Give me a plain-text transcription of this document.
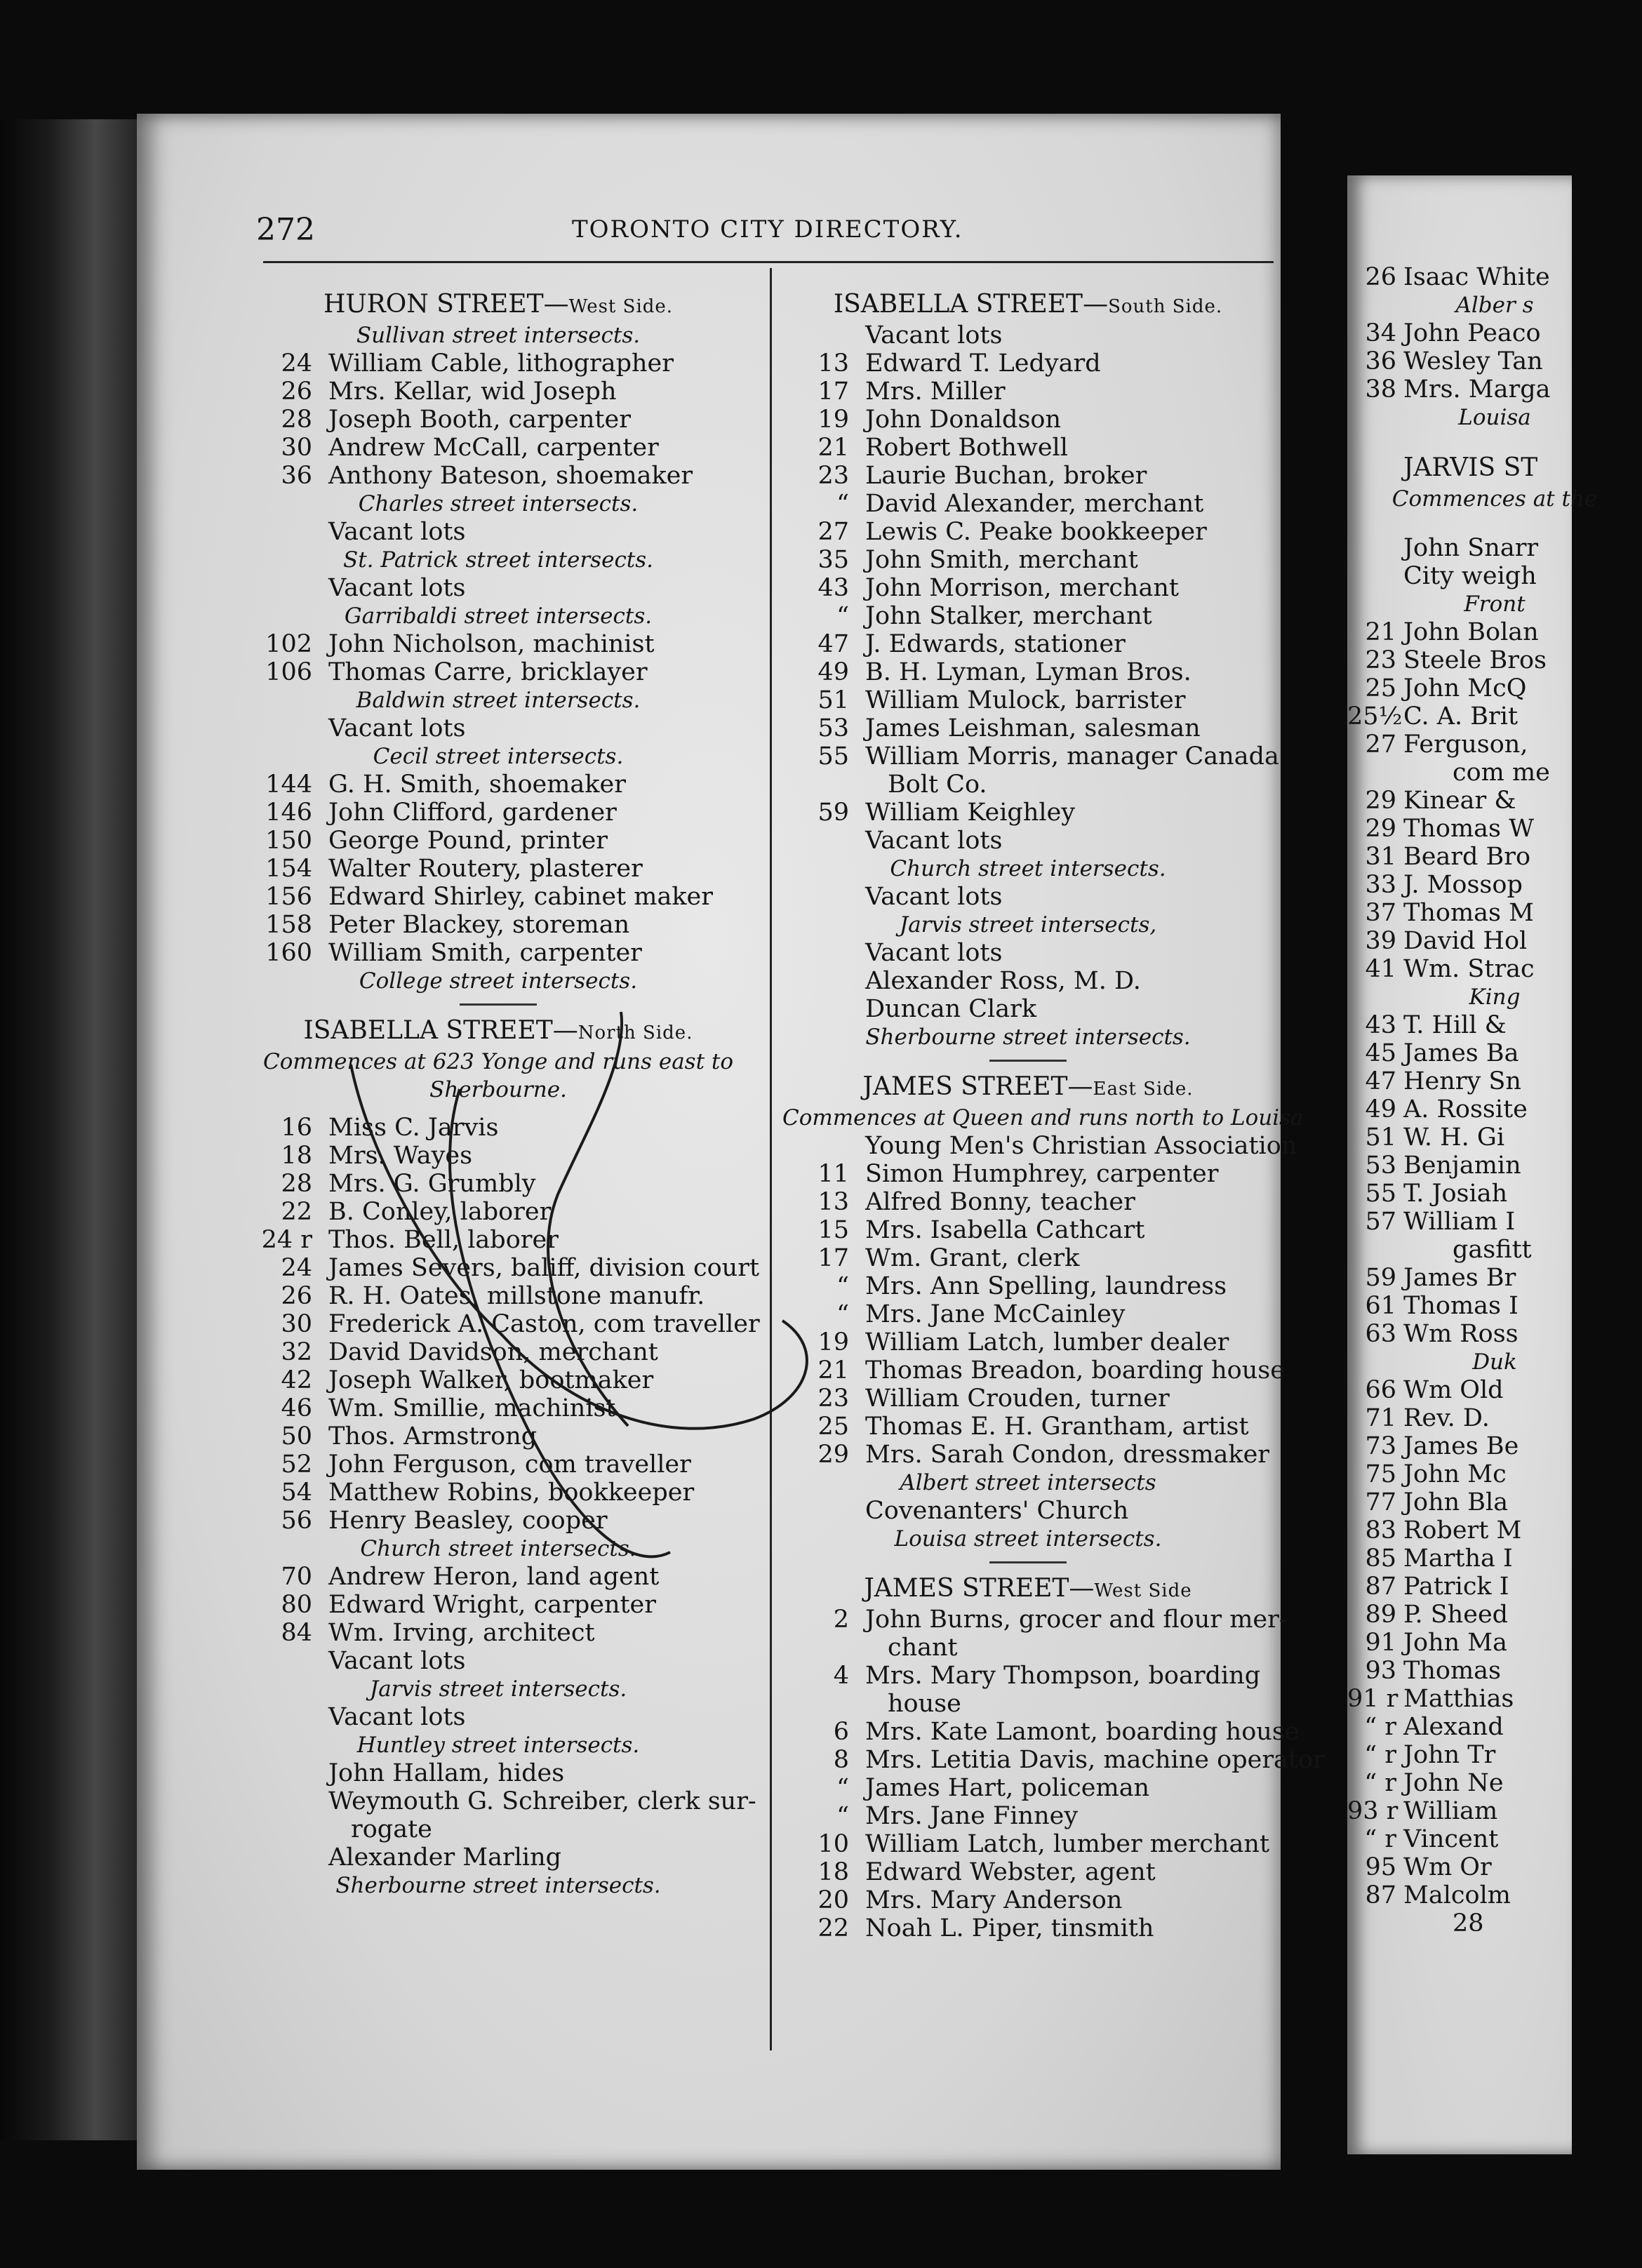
272	TORONTO CITY DIRECTORY.
HURON STREET—West Side.
Sullivan street intersects.
24 William Cable, lithographer
26 Mrs. Kellar, wid Joseph
28 Joseph Booth, carpenter
30 Andrew McCall, carpenter
36 Anthony Bateson, shoemaker
Charles street intersects.
Vacant lots
St. Patrick street intersects.
Vacant lots
Garribaldi street intersects.
102 John Nicholson, machinist
106 Thomas Carre, bricklayer
Baldwin street intersects.
Vacant lots
Cecil street intersects.
144 G. H. Smith, shoemaker
146 John Clifford, gardener
150 George Pound, printer
154 Walter Routery, plasterer
156 Edward Shirley, cabinet maker
158 Peter Blackey, storeman
160 William Smith, carpenter
College street intersects.
ISABELLA STREET—North Side.
Commences at 623 Yonge and runs east to Sherbourne.
16 Miss C. Jarvis
18 Mrs. Wayes
28 Mrs. G. Grumbly
22 B. Conley, laborer
24 r Thos. Bell, laborer
24 James Severs, baliff, division court
26 R. H. Oates, millstone manufr.
30 Frederick A. Caston, com traveller
32 David Davidson, merchant
42 Joseph Walker, bootmaker
46 Wm. Smillie, machinist
50 Thos. Armstrong
52 John Ferguson, com traveller
54 Matthew Robins, bookkeeper
56 Henry Beasley, cooper
Church street intersects.
70 Andrew Heron, land agent
80 Edward Wright, carpenter
84 Wm. Irving, architect
Vacant lots
Jarvis street intersects.
Vacant lots
Huntley street intersects.
John Hallam, hides
Weymouth G. Schreiber, clerk sur-
rogate
Alexander Marling
Sherbourne street intersects.
ISABELLA STREET—South Side.
Vacant lots
13 Edward T. Ledyard
17 Mrs. Miller
19 John Donaldson
21 Robert Bothwell
23 Laurie Buchan, broker
“ David Alexander, merchant
27 Lewis C. Peake bookkeeper
35 John Smith, merchant
43 John Morrison, merchant
“ John Stalker, merchant
47 J. Edwards, stationer
49 B. H. Lyman, Lyman Bros.
51 William Mulock, barrister
53 James Leishman, salesman
55 William Morris, manager Canada
Bolt Co.
59 William Keighley
Vacant lots
Church street intersects.
Vacant lots
Jarvis street intersects,
Vacant lots
Alexander Ross, M. D.
Duncan Clark
Sherbourne street intersects.
JAMES STREET—East Side.
Commences at Queen and runs north to Louisa
Young Men's Christian Association
11 Simon Humphrey, carpenter
13 Alfred Bonny, teacher
15 Mrs. Isabella Cathcart
17 Wm. Grant, clerk
“ Mrs. Ann Spelling, laundress
“ Mrs. Jane McCainley
19 William Latch, lumber dealer
21 Thomas Breadon, boarding house
23 William Crouden, turner
25 Thomas E. H. Grantham, artist
29 Mrs. Sarah Condon, dressmaker
Albert street intersects
Covenanters' Church
Louisa street intersects.
JAMES STREET—West Side
2 John Burns, grocer and flour mer-
chant
4 Mrs. Mary Thompson, boarding
house
6 Mrs. Kate Lamont, boarding house
8 Mrs. Letitia Davis, machine operator
“ James Hart, policeman
“ Mrs. Jane Finney
10 William Latch, lumber merchant
18 Edward Webster, agent
20 Mrs. Mary Anderson
22 Noah L. Piper, tinsmith
26 Isaac White
Alber s
34 John Peaco
36 Wesley Tan
38 Mrs. Marga
Louisa
JARVIS ST
Commences at the
John Snarr
City weigh
Front
21 John Bolan
23 Steele Bros
25 John McQ
25½ C. A. Brit
27 Ferguson,
com me
29 Kinear &
29 Thomas W
31 Beard Bro
33 J. Mossop
37 Thomas M
39 David Hol
41 Wm. Strac
King
43 T. Hill &
45 James Ba
47 Henry Sn
49 A. Rossite
51 W. H. Gi
53 Benjamin
55 T. Josiah
57 William I
gasfitt
59 James Br
61 Thomas I
63 Wm Ross
Duk
66 Wm Old
71 Rev. D.
73 James Be
75 John Mc
77 John Bla
83 Robert M
85 Martha I
87 Patrick I
89 P. Sheed
91 John Ma
93 Thomas
91 r Matthias
“ r Alexand
“ r John Tr
“ r John Ne
93 r William
“ r Vincent
95 Wm Or
87 Malcolm
28
